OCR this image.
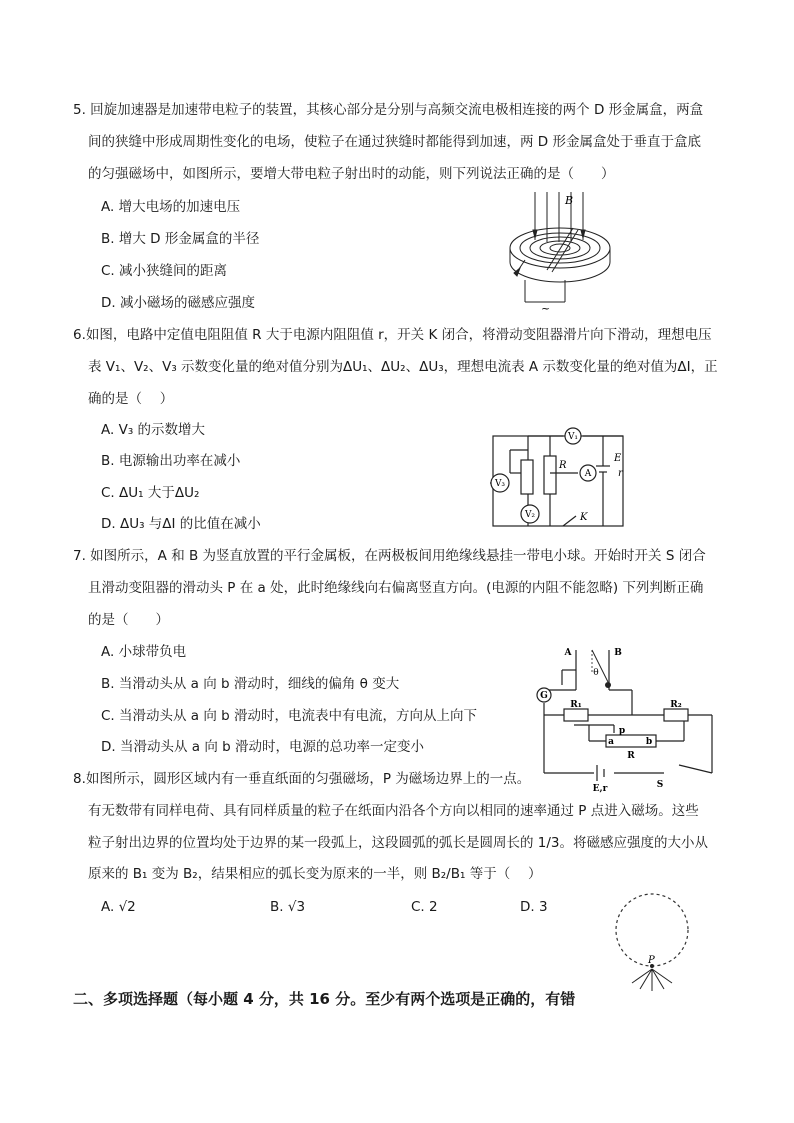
5. 回旋加速器是加速带电粒子的装置，其核心部分是分别与高频交流电极相连接的两个 D 形金属盒，两盒
间的狭缝中形成周期性变化的电场，使粒子在通过狭缝时都能得到加速，两 D 形金属盒处于垂直于盒底
的匀强磁场中，如图所示，要增大带电粒子射出时的动能，则下列说法正确的是（　　）
A. 增大电场的加速电压
B. 增大 D 形金属盒的半径
C. 减小狭缝间的距离
D. 减小磁场的磁感应强度
B
~
6.如图，电路中定值电阻阻值 R 大于电源内阻阻值 r，开关 K 闭合，将滑动变阻器滑片向下滑动，理想电压
表 V₁、V₂、V₃ 示数变化量的绝对值分别为ΔU₁、ΔU₂、ΔU₃，理想电流表 A 示数变化量的绝对值为ΔI，正
确的是（　 ）
A. V₃ 的示数增大
B. 电源输出功率在减小
C. ΔU₁ 大于ΔU₂
D. ΔU₃ 与ΔI 的比值在减小
V₁
A
V₃
V₂
R
E
r
K
7. 如图所示，A 和 B 为竖直放置的平行金属板，在两极板间用绝缘线悬挂一带电小球。开始时开关 S 闭合
且滑动变阻器的滑动头 P 在 a 处，此时绝缘线向右偏离竖直方向。(电源的内阻不能忽略) 下列判断正确
的是（　　）
A. 小球带负电
B. 当滑动头从 a 向 b 滑动时，细线的偏角 θ 变大
C. 当滑动头从 a 向 b 滑动时，电流表中有电流，方向从上向下
D. 当滑动头从 a 向 b 滑动时，电源的总功率一定变小
A	B
θ
G
R₁	R₂
p
a	b
R
E,r	S
8.如图所示，圆形区域内有一垂直纸面的匀强磁场，P 为磁场边界上的一点。
有无数带有同样电荷、具有同样质量的粒子在纸面内沿各个方向以相同的速率通过 P 点进入磁场。这些
粒子射出边界的位置均处于边界的某一段弧上，这段圆弧的弧长是圆周长的 1/3。将磁感应强度的大小从
原来的 B₁ 变为 B₂，结果相应的弧长变为原来的一半，则 B₂/B₁ 等于（　 ）
A. √2	B. √3	C. 2	D. 3
P
二、多项选择题（每小题 4 分，共 16 分。至少有两个选项是正确的，有错
